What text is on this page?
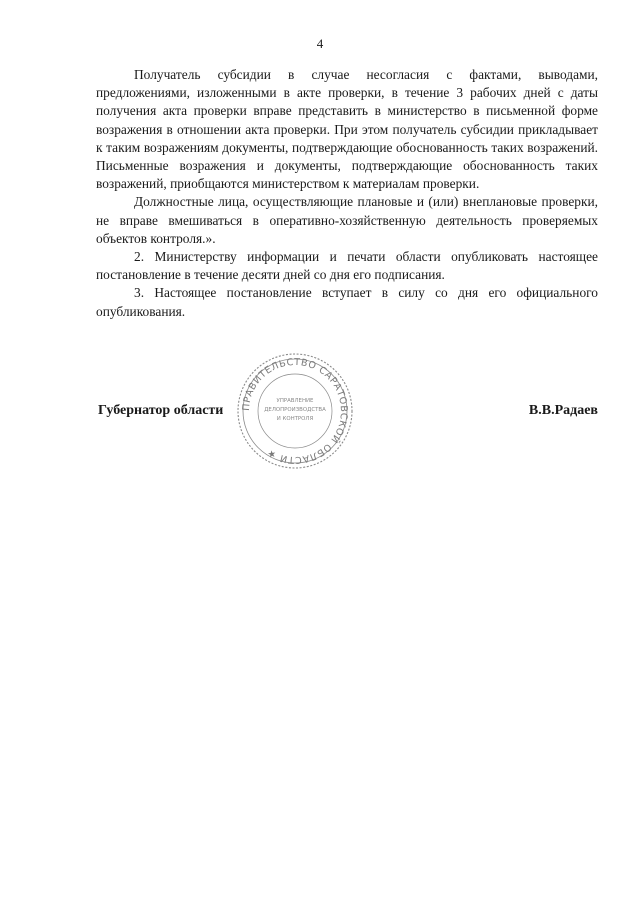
4

Получатель субсидии в случае несогласия с фактами, выводами, предложениями, изложенными в акте проверки, в течение 3 рабочих дней с даты получения акта проверки вправе представить в министерство в письменной форме возражения в отношении акта проверки. При этом получатель субсидии прикладывает к таким возражениям документы, подтверждающие обоснованность таких возражений. Письменные возражения и документы, подтверждающие обоснованность таких возражений, приобщаются министерством к материалам проверки.

Должностные лица, осуществляющие плановые и (или) внеплановые проверки, не вправе вмешиваться в оперативно-хозяйственную деятельность проверяемых объектов контроля.».

2. Министерству информации и печати области опубликовать настоящее постановление в течение десяти дней со дня его подписания.

3. Настоящее постановление вступает в силу со дня его официального опубликования.

Губернатор области	В.В.Радаев
ПРАВИТЕЛЬСТВО САРАТОВСКОЙ ОБЛАСТИ ★
УПРАВЛЕНИЕ
ДЕЛОПРОИЗВОДСТВА
И КОНТРОЛЯ
